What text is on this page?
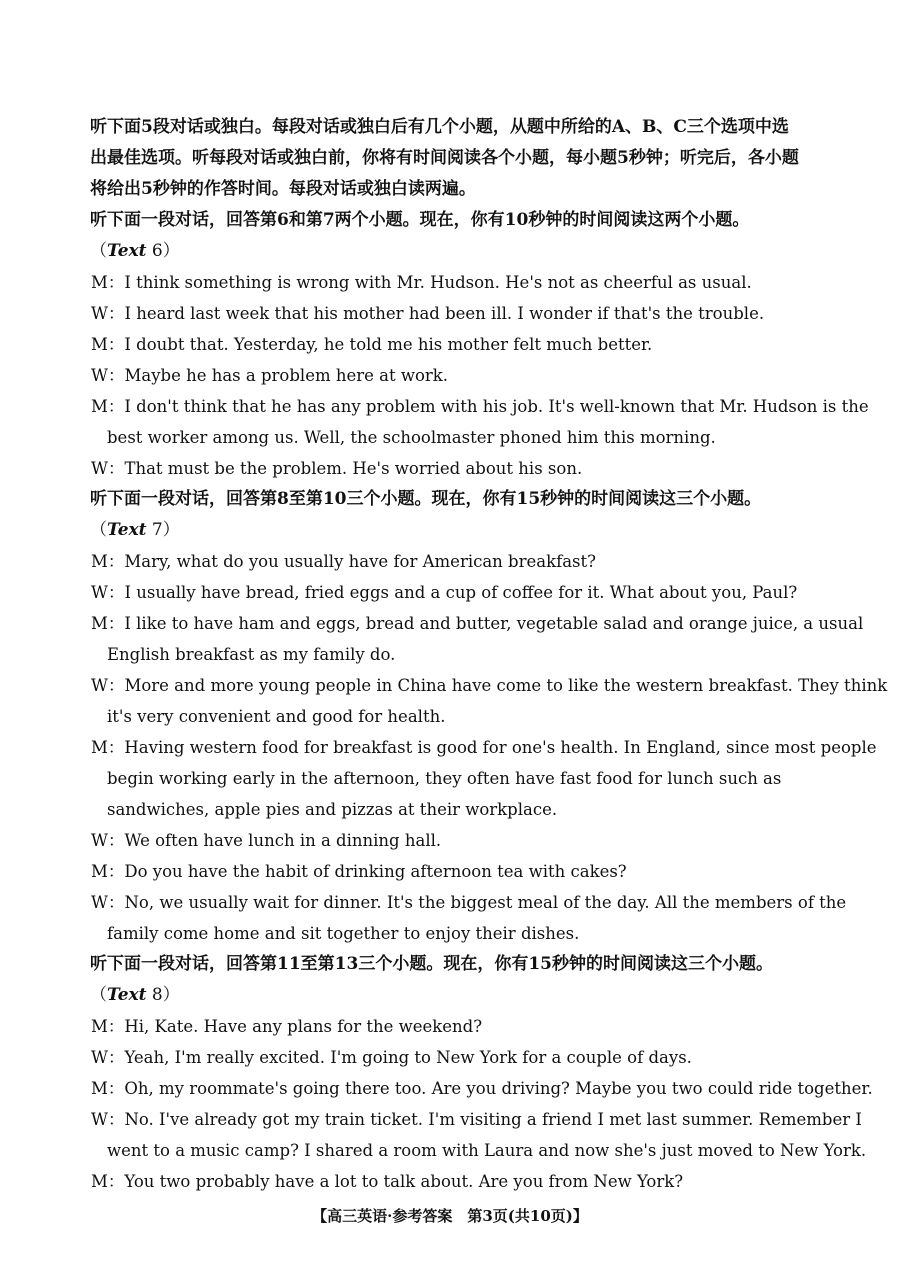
听下面5段对话或独白。每段对话或独白后有几个小题，从题中所给的A、B、C三个选项中选
出最佳选项。听每段对话或独白前，你将有时间阅读各个小题，每小题5秒钟；听完后，各小题
将给出5秒钟的作答时间。每段对话或独白读两遍。
听下面一段对话，回答第6和第7两个小题。现在，你有10秒钟的时间阅读这两个小题。
（Text 6）
M：I think something is wrong with Mr. Hudson. He's not as cheerful as usual.
W：I heard last week that his mother had been ill. I wonder if that's the trouble.
M：I doubt that. Yesterday, he told me his mother felt much better.
W：Maybe he has a problem here at work.
M：I don't think that he has any problem with his job. It's well-known that Mr. Hudson is the
best worker among us. Well, the schoolmaster phoned him this morning.
W：That must be the problem. He's worried about his son.
听下面一段对话，回答第8至第10三个小题。现在，你有15秒钟的时间阅读这三个小题。
（Text 7）
M：Mary, what do you usually have for American breakfast?
W：I usually have bread, fried eggs and a cup of coffee for it. What about you, Paul?
M：I like to have ham and eggs, bread and butter, vegetable salad and orange juice, a usual
English breakfast as my family do.
W：More and more young people in China have come to like the western breakfast. They think
it's very convenient and good for health.
M：Having western food for breakfast is good for one's health. In England, since most people
begin working early in the afternoon, they often have fast food for lunch such as
sandwiches, apple pies and pizzas at their workplace.
W：We often have lunch in a dinning hall.
M：Do you have the habit of drinking afternoon tea with cakes?
W：No, we usually wait for dinner. It's the biggest meal of the day. All the members of the
family come home and sit together to enjoy their dishes.
听下面一段对话，回答第11至第13三个小题。现在，你有15秒钟的时间阅读这三个小题。
（Text 8）
M：Hi, Kate. Have any plans for the weekend?
W：Yeah, I'm really excited. I'm going to New York for a couple of days.
M：Oh, my roommate's going there too. Are you driving? Maybe you two could ride together.
W：No. I've already got my train ticket. I'm visiting a friend I met last summer. Remember I
went to a music camp? I shared a room with Laura and now she's just moved to New York.
M：You two probably have a lot to talk about. Are you from New York?
【高三英语·参考答案　第3页(共10页)】
